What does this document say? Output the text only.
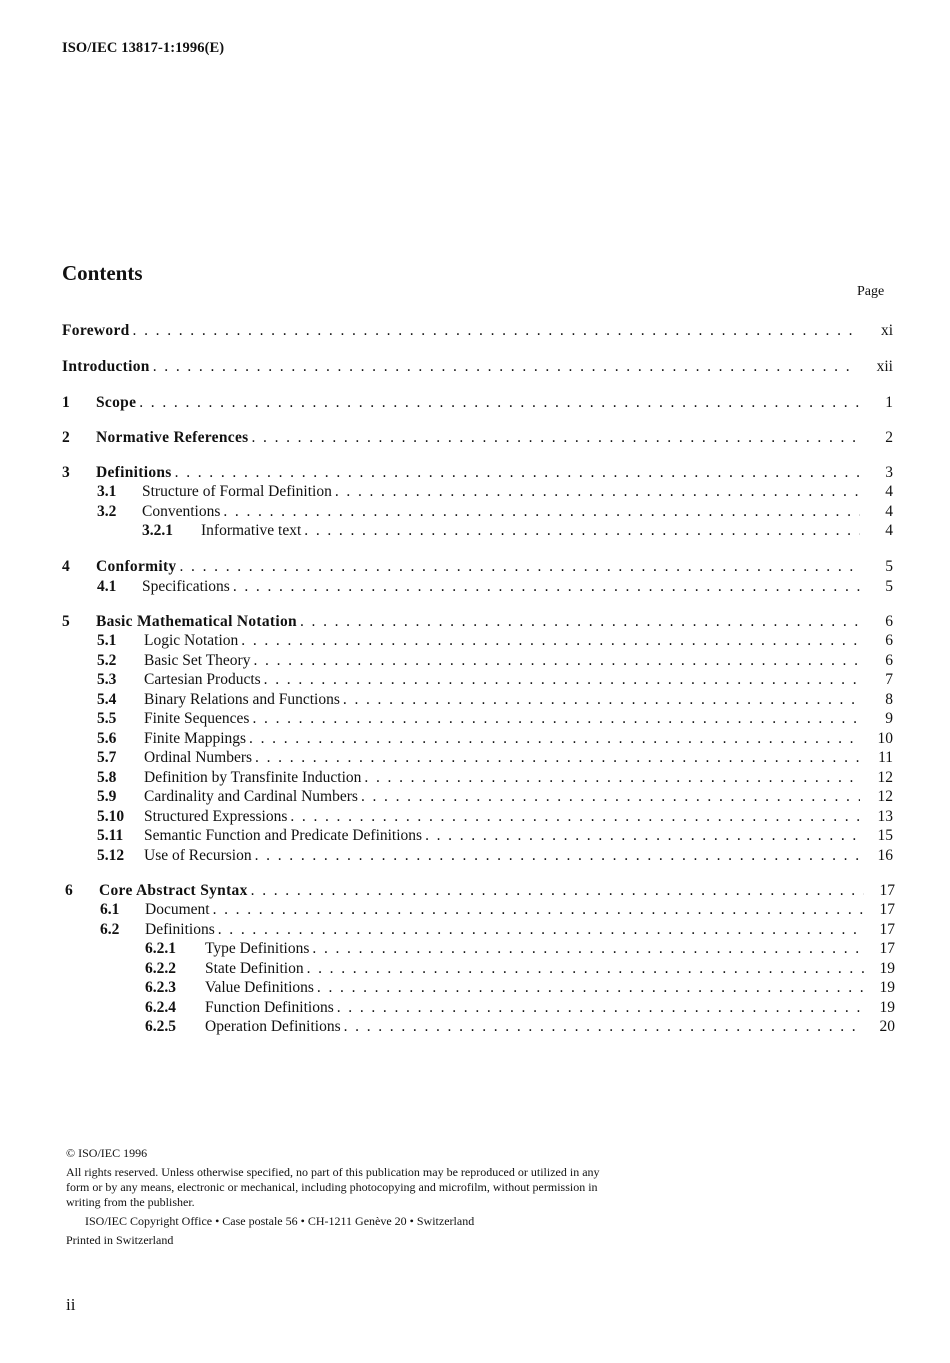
ISO/IEC 13817-1:1996(E)
Contents
Page
Foreword . . .	xi
Introduction . . .	xii
1 Scope . . .	1
2 Normative References . . .	2
3 Definitions . . .	3
3.1 Structure of Formal Definition . . .	4
3.2 Conventions . . .	4
3.2.1 Informative text . . .	4
4 Conformity . . .	5
4.1 Specifications . . .	5
5 Basic Mathematical Notation . . .	6
5.1 Logic Notation . . .	6
5.2 Basic Set Theory . . .	6
5.3 Cartesian Products . . .	7
5.4 Binary Relations and Functions . . .	8
5.5 Finite Sequences . . .	9
5.6 Finite Mappings . . .	10
5.7 Ordinal Numbers . . .	11
5.8 Definition by Transfinite Induction . . .	12
5.9 Cardinality and Cardinal Numbers . . .	12
5.10 Structured Expressions . . .	13
5.11 Semantic Function and Predicate Definitions . . .	15
5.12 Use of Recursion . . .	16
6 Core Abstract Syntax . . .	17
6.1 Document . . .	17
6.2 Definitions . . .	17
6.2.1 Type Definitions . . .	17
6.2.2 State Definition . . .	19
6.2.3 Value Definitions . . .	19
6.2.4 Function Definitions . . .	19
6.2.5 Operation Definitions . . .	20
© ISO/IEC 1996
All rights reserved. Unless otherwise specified, no part of this publication may be reproduced or utilized in any form or by any means, electronic or mechanical, including photocopying and microfilm, without permission in writing from the publisher.
ISO/IEC Copyright Office • Case postale 56 • CH-1211 Genève 20 • Switzerland
Printed in Switzerland
ii
